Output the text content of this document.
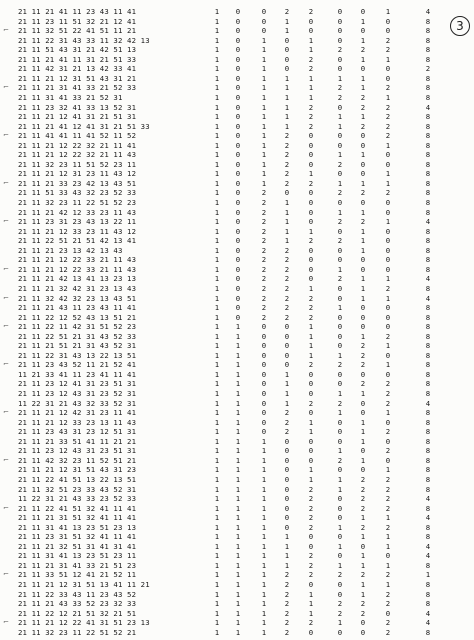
3
21 11 21 41 11 23 43 11 41	1	0	0	2	2	0	0	1	4
21 11 23 11 51 32 21 12 41	1	0	0	1	0	0	1	0	8
⌐ 21 11 32 51 22 41 51 11 21	1	0	0	1	0	0	0	0	8
21 11 22 31 43 33 11 32 42 13	1	0	1	0	1	0	1	2	8
21 11 51 43 31 21 42 51 13	1	0	1	0	1	2	2	2	8
21 11 21 41 11 31 21 51 33	1	0	1	0	2	0	1	1	8
21 11 42 31 21 13 42 33 41	1	0	1	0	2	0	0	0	2
21 11 21 12 31 51 43 31 21	1	0	1	1	1	1	1	0	8
⌐ 21 11 21 31 41 33 21 52 33	1	0	1	1	1	2	1	2	8
21 11 31 41 33 21 52 31	1	0	1	1	1	2	2	1	8
21 11 23 32 41 33 13 52 31	1	0	1	1	2	0	2	2	4
21 11 21 12 41 31 21 51 31	1	0	1	1	2	1	1	2	8
21 11 21 41 12 41 31 21 51 33	1	0	1	1	2	1	2	2	8
⌐ 21 11 41 41 11 41 52 11 52	1	0	1	2	0	0	0	2	8
21 11 21 12 22 32 21 11 41	1	0	1	2	0	0	0	1	8
21 11 21 12 22 32 21 11 43	1	0	1	2	0	1	1	0	8
21 11 32 23 11 51 52 23 11	1	0	1	2	0	2	0	0	8
21 11 21 12 31 23 11 43 12	1	0	1	2	1	0	0	1	8
⌐ 21 11 21 33 23 42 13 43 51	1	0	1	2	2	1	1	1	8
21 11 51 33 43 32 23 52 33	1	0	2	0	0	2	2	2	8
21 11 32 23 11 22 51 52 23	1	0	2	1	0	0	0	0	8
21 11 21 42 12 33 23 11 43	1	0	2	1	0	1	1	0	8
⌐ 21 11 23 31 23 43 13 22 11	1	0	2	1	0	2	2	1	4
21 11 21 12 33 23 11 43 12	1	0	2	1	1	0	1	0	8
21 11 22 51 21 51 42 13 41	1	0	2	1	2	2	1	0	8
21 11 21 23 13 42 13 43	1	0	2	2	0	0	1	0	8
21 11 21 12 22 33 21 11 43	1	0	2	2	0	0	0	0	8
⌐ 21 11 21 12 22 33 21 11 43	1	0	2	2	0	1	0	0	8
21 11 21 42 13 41 13 23 13	1	0	2	2	0	2	1	1	4
21 11 21 32 42 31 23 13 43	1	0	2	2	1	0	1	2	8
⌐ 21 11 32 42 32 23 13 43 51	1	0	2	2	2	0	1	1	4
21 11 21 43 11 23 43 11 41	1	0	2	2	2	1	0	0	8
21 11 22 12 52 43 13 51 21	1	0	2	2	2	0	0	0	8
⌐ 21 11 22 11 42 31 51 52 23	1	1	0	0	1	0	0	0	8
21 11 22 51 21 31 43 52 33	1	1	0	0	1	0	1	2	8
21 11 21 51 21 31 43 52 31	1	1	0	0	1	0	2	1	8
21 11 22 31 43 13 22 13 51	1	1	0	0	1	1	2	0	8
⌐ 21 11 23 43 52 11 21 52 41	1	1	0	0	2	2	2	1	8
11 21 33 41 11 23 41 11 41	1	1	0	1	0	0	0	0	8
21 11 23 12 41 31 23 51 31	1	1	0	1	0	0	2	2	8
21 11 23 12 43 31 23 52 31	1	1	0	1	0	1	1	2	8
11 22 31 21 43 32 33 52 31	1	1	0	1	2	2	0	2	4
⌐ 21 11 21 12 42 31 23 11 41	1	1	0	2	0	1	0	1	8
21 11 21 12 33 23 13 11 43	1	1	0	2	1	0	1	0	8
21 11 23 43 31 23 12 51 31	1	1	0	2	1	0	1	2	8
21 11 21 33 51 41 11 21 21	1	1	1	0	0	0	1	0	8
21 11 23 12 43 31 23 51 31	1	1	1	0	0	1	0	2	8
⌐ 21 11 42 32 23 11 52 51 21	1	1	1	0	0	2	1	0	8
21 11 21 12 31 51 43 31 23	1	1	1	0	1	0	0	1	8
21 11 22 41 51 13 22 13 51	1	1	1	0	1	1	2	2	8
21 11 32 51 23 33 43 52 31	1	1	1	0	2	1	2	2	8
11 22 31 21 43 33 23 52 33	1	1	1	0	2	0	2	2	4
⌐ 21 11 22 41 51 32 41 11 41	1	1	1	0	2	0	2	2	8
21 11 21 31 51 32 41 11 41	1	1	1	0	2	0	1	1	4
21 11 31 41 13 23 51 23 13	1	1	1	0	2	1	2	2	8
21 11 23 31 51 32 41 11 41	1	1	1	1	0	0	1	1	8
21 11 21 32 51 31 41 31 41	1	1	1	1	0	1	0	1	4
21 11 31 41 13 23 51 23 11	1	1	1	1	2	0	1	0	4
21 11 21 31 41 33 21 51 23	1	1	1	1	2	1	1	1	8
⌐ 21 11 33 51 12 41 21 52 11	1	1	1	2	2	2	2	2	1
21 11 21 12 31 51 13 41 11 21	1	1	1	2	0	0	1	1	8
21 11 22 33 43 11 23 43 52	1	1	1	2	1	0	1	2	8
21 11 21 43 33 52 23 32 33	1	1	1	2	1	2	2	2	8
21 11 22 12 21 51 32 21 51	1	1	1	2	1	2	2	0	4
⌐ 21 11 21 12 22 41 31 51 23 13	1	1	1	2	2	1	0	2	4
21 11 32 23 11 22 51 52 21	1	1	1	2	0	0	0	2	8
